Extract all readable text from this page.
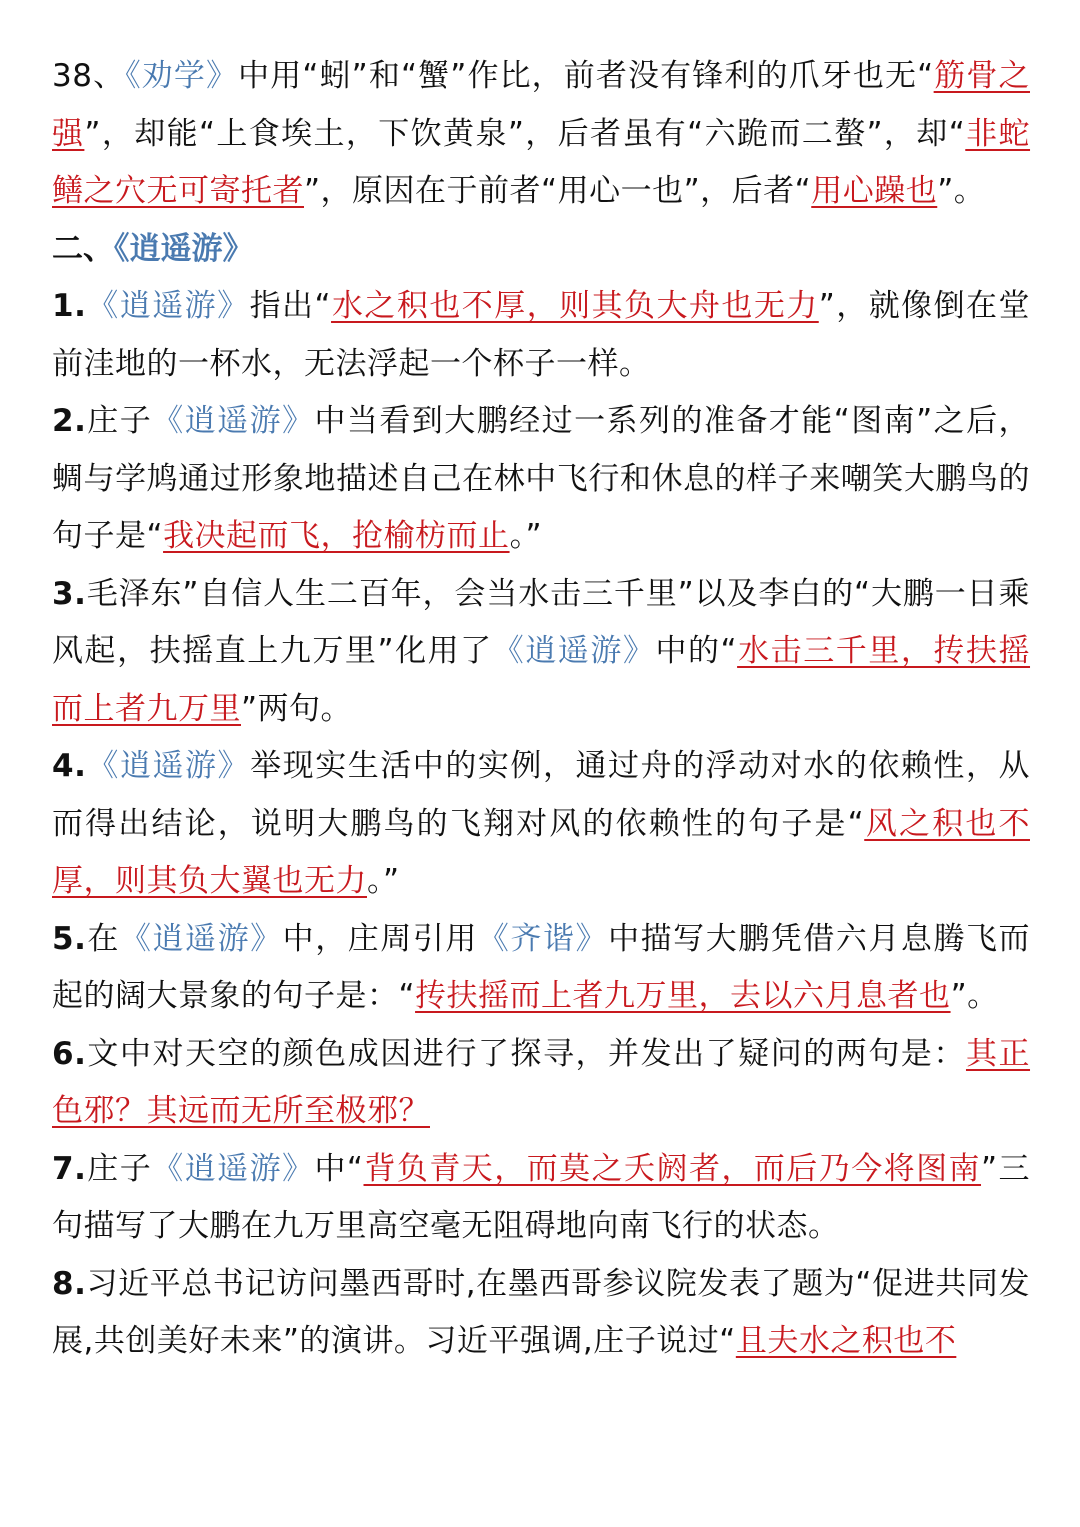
38、《劝学》中用“蚓”和“蟹”作比，前者没有锋利的爪牙也无“筋骨之强”，却能“上食埃土，下饮黄泉”，后者虽有“六跪而二螯”，却“非蛇鳝之穴无可寄托者”，原因在于前者“用心一也”，后者“用心躁也”。

二、《逍遥游》

1.《逍遥游》指出“水之积也不厚，则其负大舟也无力”，就像倒在堂前洼地的一杯水，无法浮起一个杯子一样。

2.庄子《逍遥游》中当看到大鹏经过一系列的准备才能“图南”之后，蜩与学鸠通过形象地描述自己在林中飞行和休息的样子来嘲笑大鹏鸟的句子是“我决起而飞，抢榆枋而止。”

3.毛泽东”自信人生二百年，会当水击三千里”以及李白的“大鹏一日乘风起，扶摇直上九万里”化用了《逍遥游》中的“水击三千里，抟扶摇而上者九万里”两句。

4.《逍遥游》举现实生活中的实例，通过舟的浮动对水的依赖性，从而得出结论，说明大鹏鸟的飞翔对风的依赖性的句子是“风之积也不厚，则其负大翼也无力。”

5.在《逍遥游》中，庄周引用《齐谐》中描写大鹏凭借六月息腾飞而起的阔大景象的句子是：“抟扶摇而上者九万里，去以六月息者也”。

6.文中对天空的颜色成因进行了探寻，并发出了疑问的两句是：其正色邪？其远而无所至极邪？

7.庄子《逍遥游》中“背负青天，而莫之夭阏者，而后乃今将图南”三句描写了大鹏在九万里高空毫无阻碍地向南飞行的状态。

8.习近平总书记访问墨西哥时,在墨西哥参议院发表了题为“促进共同发展,共创美好未来”的演讲。习近平强调,庄子说过“且夫水之积也不
